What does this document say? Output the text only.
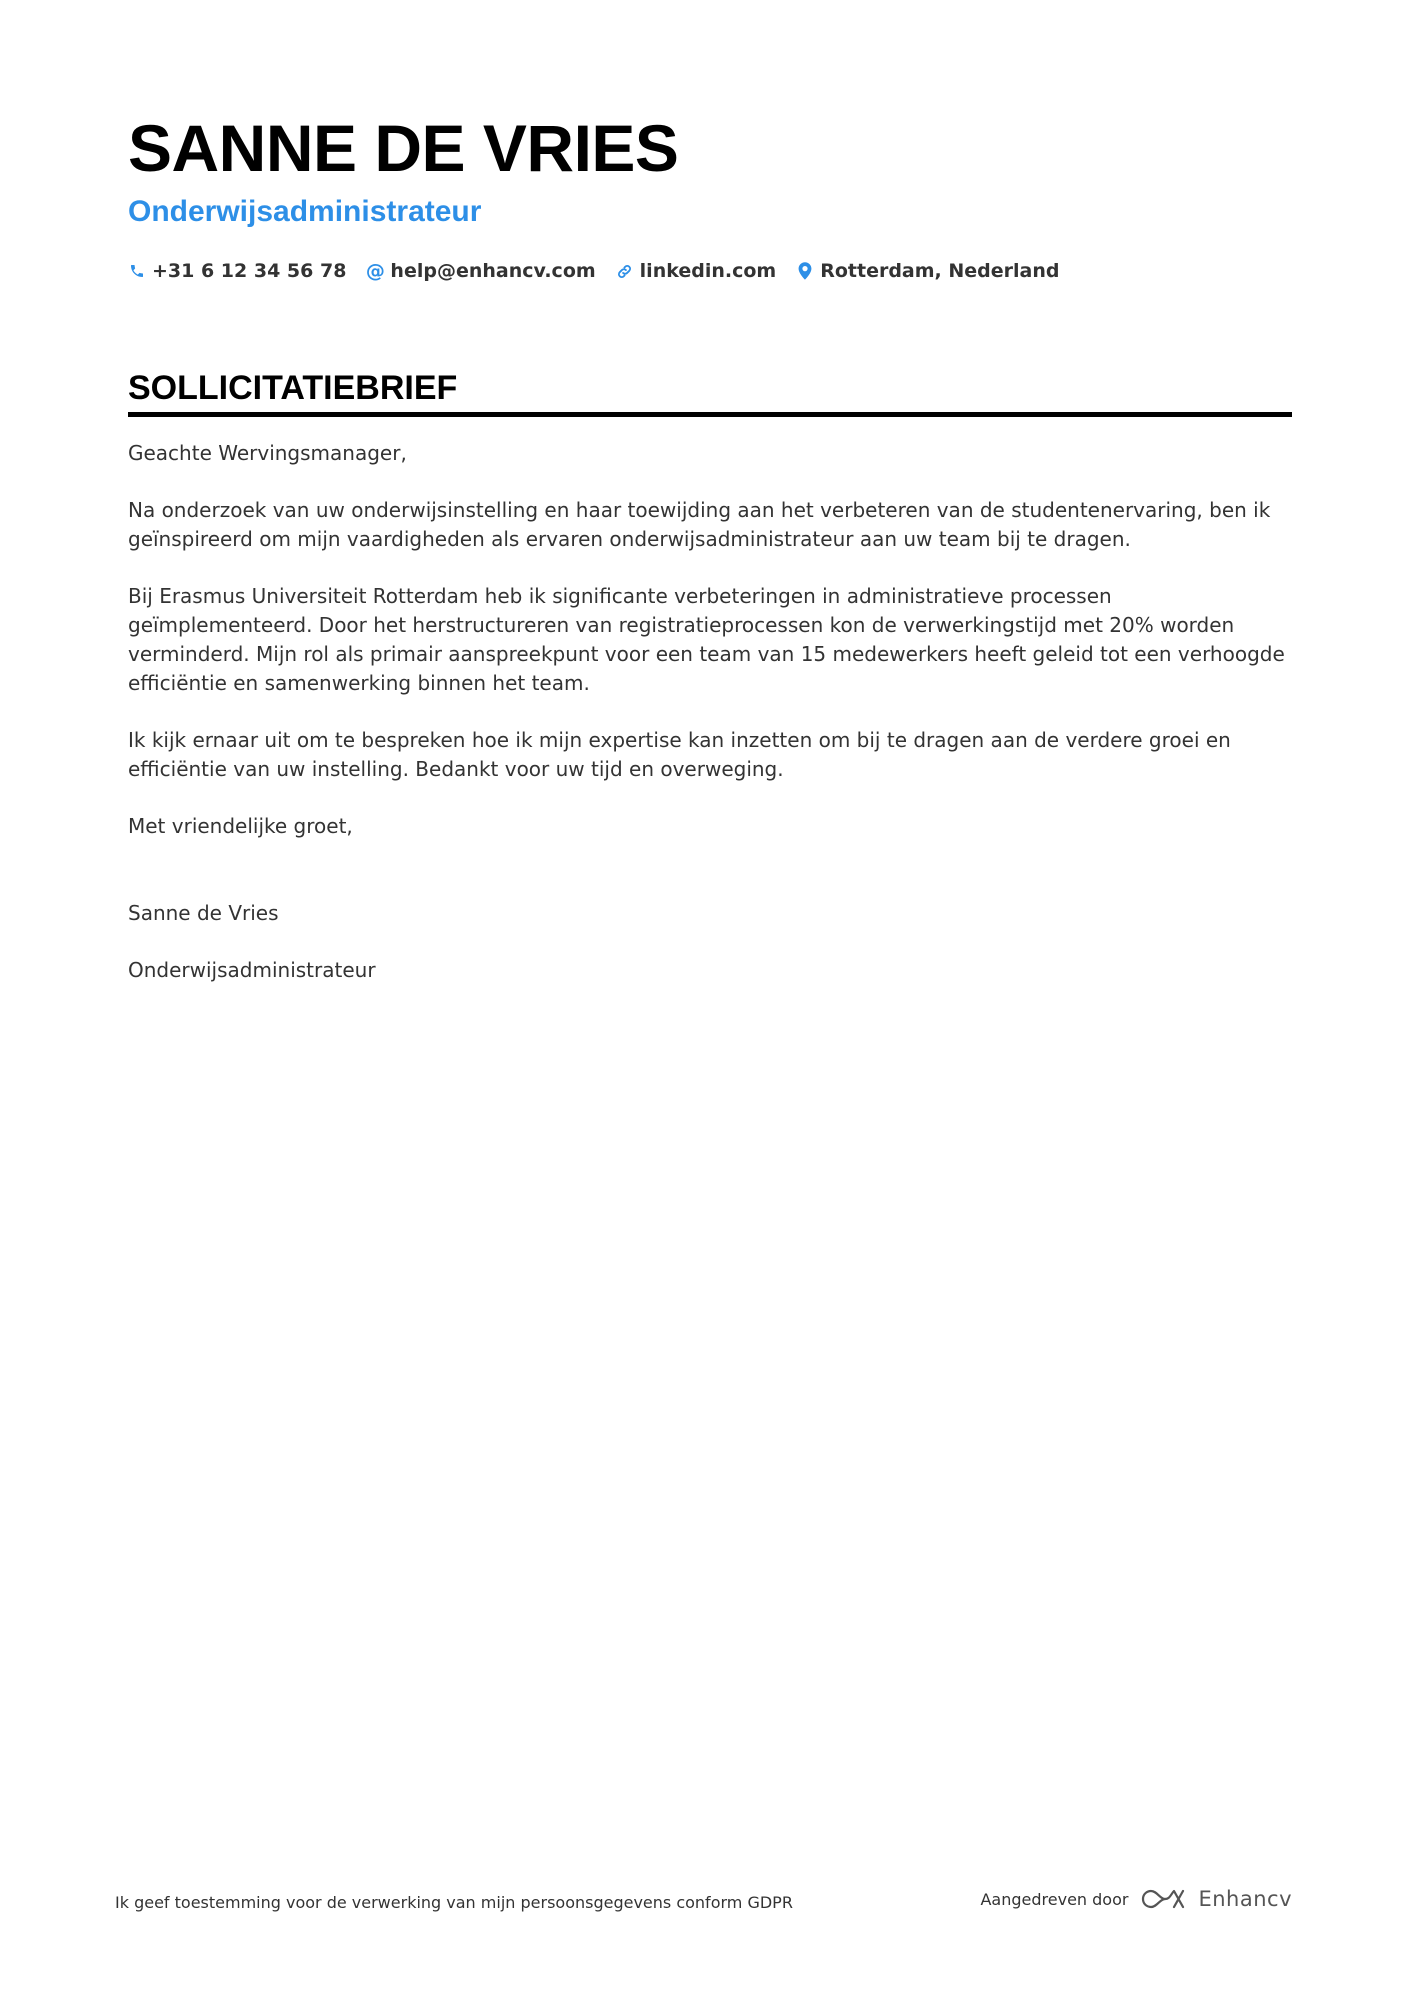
SANNE DE VRIES
Onderwijsadministrateur
+31 6 12 34 56 78 @ help@enhancv.com linkedin.com Rotterdam, Nederland
SOLLICITATIEBRIEF

Geachte Wervingsmanager,

Na onderzoek van uw onderwijsinstelling en haar toewijding aan het verbeteren van de studentenervaring, ben ik geïnspireerd om mijn vaardigheden als ervaren onderwijsadministrateur aan uw team bij te dragen.

Bij Erasmus Universiteit Rotterdam heb ik significante verbeteringen in administratieve processen geïmplementeerd. Door het herstructureren van registratieprocessen kon de verwerkingstijd met 20% worden verminderd. Mijn rol als primair aanspreekpunt voor een team van 15 medewerkers heeft geleid tot een verhoogde efficiëntie en samenwerking binnen het team.

Ik kijk ernaar uit om te bespreken hoe ik mijn expertise kan inzetten om bij te dragen aan de verdere groei en efficiëntie van uw instelling. Bedankt voor uw tijd en overweging.

Met vriendelijke groet,

Sanne de Vries

Onderwijsadministrateur

Ik geef toestemming voor de verwerking van mijn persoonsgegevens conform GDPR	Aangedreven door	Enhancv
